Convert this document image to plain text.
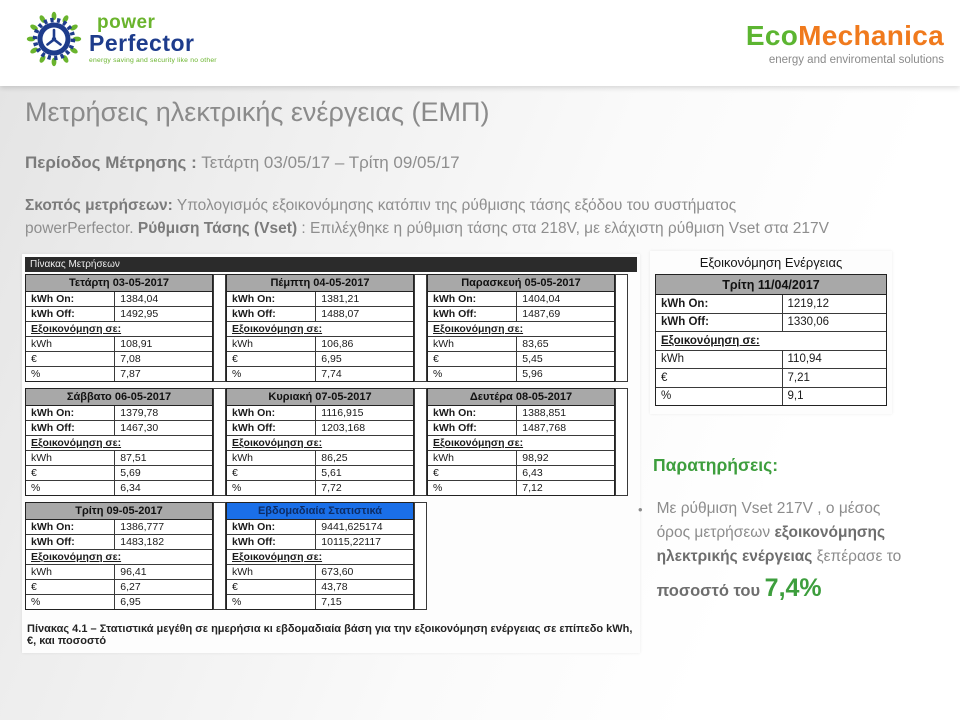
power
Perfector
energy saving and security like no other
EcoMechanica
energy and enviromental solutions
Μετρήσεις ηλεκτρικής ενέργειας (ΕΜΠ)
Περίοδος Μέτρησης : Τετάρτη 03/05/17 – Τρίτη 09/05/17
Σκοπός μετρήσεων: Υπολογισμός εξοικονόμησης κατόπιν της ρύθμισης τάσης εξόδου του συστήματος
powerPerfector. Ρύθμιση Τάσης (Vset) : Επιλέχθηκε η ρύθμιση τάσης στα 218V, με ελάχιστη ρύθμιση Vset στα 217V
Πίνακας Μετρήσεων
Τετάρτη 03-05-2017
kWh On:	1384,04
kWh Off:	1492,95
Εξοικονόμηση σε:
kWh	108,91
€	7,08
%	7,87
Πέμπτη 04-05-2017
kWh On:	1381,21
kWh Off:	1488,07
Εξοικονόμηση σε:
kWh	106,86
€	6,95
%	7,74
Παρασκευή 05-05-2017
kWh On:	1404,04
kWh Off:	1487,69
Εξοικονόμηση σε:
kWh	83,65
€	5,45
%	5,96
Σάββατο 06-05-2017
kWh On:	1379,78
kWh Off:	1467,30
Εξοικονόμηση σε:
kWh	87,51
€	5,69
%	6,34
Κυριακή 07-05-2017
kWh On:	1116,915
kWh Off:	1203,168
Εξοικονόμηση σε:
kWh	86,25
€	5,61
%	7,72
Δευτέρα 08-05-2017
kWh On:	1388,851
kWh Off:	1487,768
Εξοικονόμηση σε:
kWh	98,92
€	6,43
%	7,12
Τρίτη 09-05-2017
kWh On:	1386,777
kWh Off:	1483,182
Εξοικονόμηση σε:
kWh	96,41
€	6,27
%	6,95
Εβδομαδιαία Στατιστικά
kWh On:	9441,625174
kWh Off:	10115,22117
Εξοικονόμηση σε:
kWh	673,60
€	43,78
%	7,15
Πίνακας 4.1 – Στατιστικά μεγέθη σε ημερήσια κι εβδομαδιαία βάση για την εξοικονόμηση ενέργειας σε επίπεδο kWh, €, και ποσοστό
Εξοικονόμηση Ενέργειας
Τρίτη 11/04/2017
kWh On:	1219,12
kWh Off:	1330,06
Εξοικονόμηση σε:
kWh	110,94
€	7,21
%	9,1
Παρατηρήσεις:
• Με ρύθμιση Vset 217V , ο μέσος όρος μετρήσεων εξοικονόμησης ηλεκτρικής ενέργειας ξεπέρασε το ποσοστό του 7,4%
